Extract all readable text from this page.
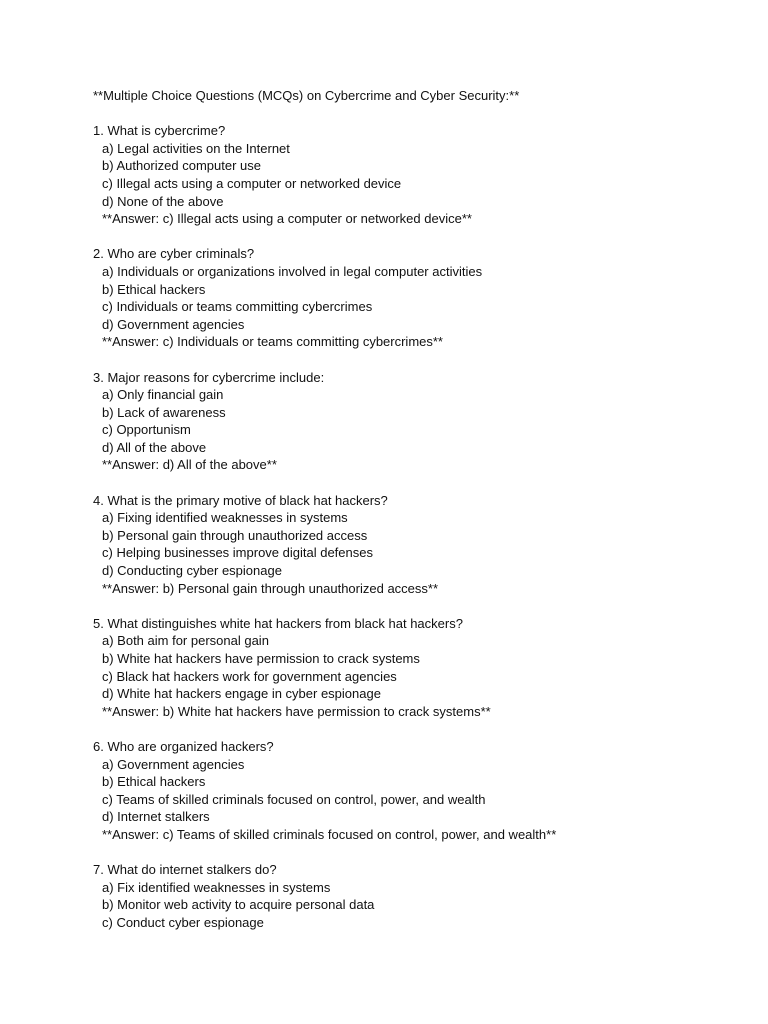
**Multiple Choice Questions (MCQs) on Cybercrime and Cyber Security:**
1. What is cybercrime?
a) Legal activities on the Internet
b) Authorized computer use
c) Illegal acts using a computer or networked device
d) None of the above
**Answer: c) Illegal acts using a computer or networked device**
2. Who are cyber criminals?
a) Individuals or organizations involved in legal computer activities
b) Ethical hackers
c) Individuals or teams committing cybercrimes
d) Government agencies
**Answer: c) Individuals or teams committing cybercrimes**
3. Major reasons for cybercrime include:
a) Only financial gain
b) Lack of awareness
c) Opportunism
d) All of the above
**Answer: d) All of the above**
4. What is the primary motive of black hat hackers?
a) Fixing identified weaknesses in systems
b) Personal gain through unauthorized access
c) Helping businesses improve digital defenses
d) Conducting cyber espionage
**Answer: b) Personal gain through unauthorized access**
5. What distinguishes white hat hackers from black hat hackers?
a) Both aim for personal gain
b) White hat hackers have permission to crack systems
c) Black hat hackers work for government agencies
d) White hat hackers engage in cyber espionage
**Answer: b) White hat hackers have permission to crack systems**
6. Who are organized hackers?
a) Government agencies
b) Ethical hackers
c) Teams of skilled criminals focused on control, power, and wealth
d) Internet stalkers
**Answer: c) Teams of skilled criminals focused on control, power, and wealth**
7. What do internet stalkers do?
a) Fix identified weaknesses in systems
b) Monitor web activity to acquire personal data
c) Conduct cyber espionage
